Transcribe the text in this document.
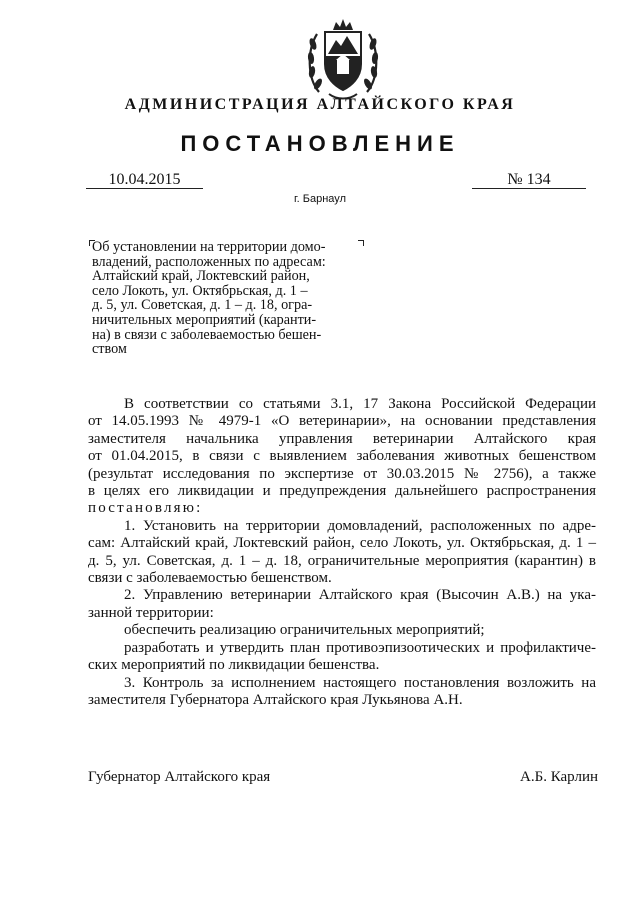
АДМИНИСТРАЦИЯ АЛТАЙСКОГО КРАЯ
ПОСТАНОВЛЕНИЕ
10.04.2015	№ 134
г. Барнаул
Об установлении на территории домо-
владений, расположенных по адресам:
Алтайский край, Локтевский район,
село Локоть, ул. Октябрьская, д. 1 –
д. 5, ул. Советская, д. 1 – д. 18, огра-
ничительных мероприятий (каранти-
на) в связи с заболеваемостью бешен-
ством
В соответствии со статьями 3.1, 17 Закона Российской Федерации
от 14.05.1993 № 4979-1 «О ветеринарии», на основании представления
заместителя начальника управления ветеринарии Алтайского края
от 01.04.2015, в связи с выявлением заболевания животных бешенством
(результат исследования по экспертизе от 30.03.2015 № 2756), а также
в целях его ликвидации и предупреждения дальнейшего распространения
постановляю:
1. Установить на территории домовладений, расположенных по адре-
сам: Алтайский край, Локтевский район, село Локоть, ул. Октябрьская, д. 1 –
д. 5, ул. Советская, д. 1 – д. 18, ограничительные мероприятия (карантин) в
связи с заболеваемостью бешенством.
2. Управлению ветеринарии Алтайского края (Высочин А.В.) на ука-
занной территории:
обеспечить реализацию ограничительных мероприятий;
разработать и утвердить план противоэпизоотических и профилактиче-
ских мероприятий по ликвидации бешенства.
3. Контроль за исполнением настоящего постановления возложить на
заместителя Губернатора Алтайского края Лукьянова А.Н.
Губернатор Алтайского края	А.Б. Карлин
